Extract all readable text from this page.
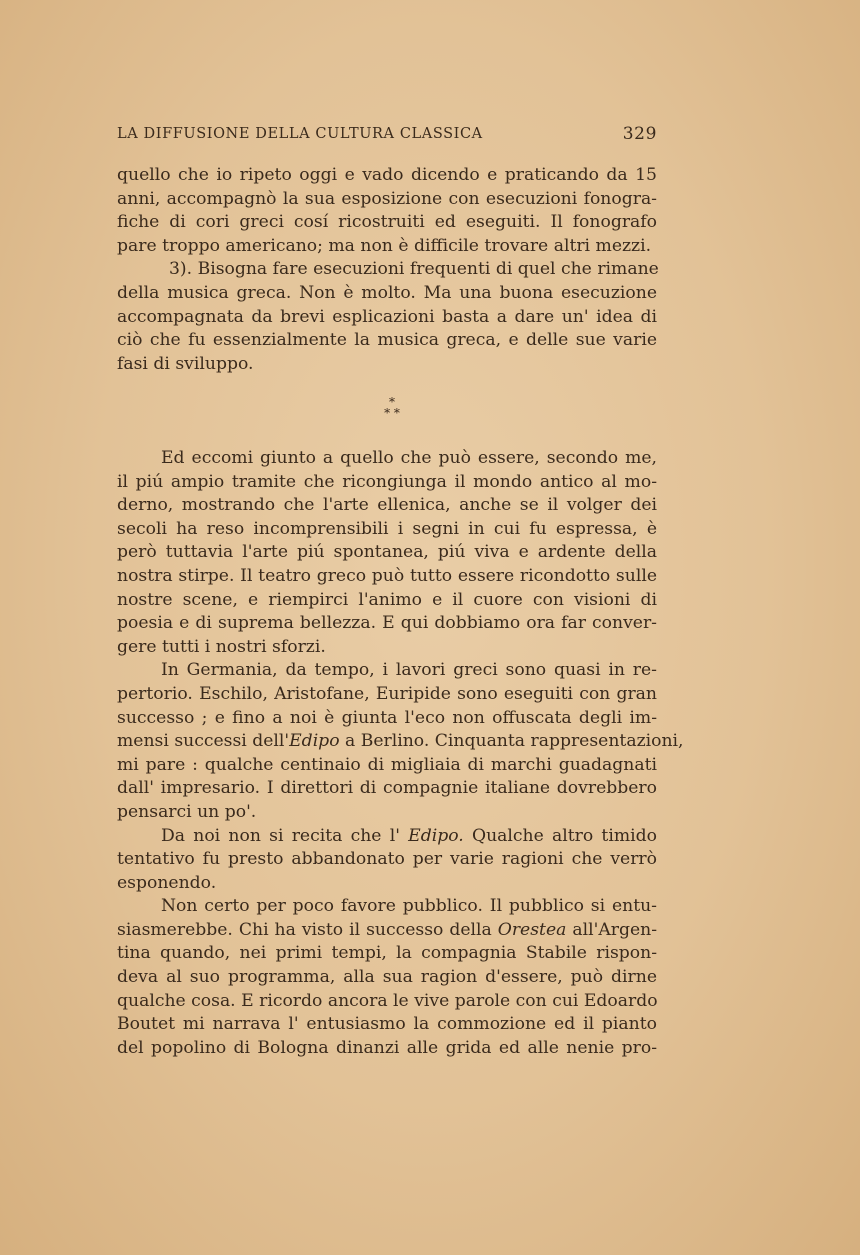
LA DIFFUSIONE DELLA CULTURA CLASSICA	329
quello che io ripeto oggi e vado dicendo e praticando da 15
anni, accompagnò la sua esposizione con esecuzioni fonogra-
fiche di cori greci cosí ricostruiti ed eseguiti. Il fonografo
pare troppo americano; ma non è difficile trovare altri mezzi.
3). Bisogna fare esecuzioni frequenti di quel che rimane
della musica greca. Non è molto. Ma una buona esecuzione
accompagnata da brevi esplicazioni basta a dare un' idea di
ciò che fu essenzialmente la musica greca, e delle sue varie
fasi di sviluppo.
*
* *
Ed eccomi giunto a quello che può essere, secondo me,
il piú ampio tramite che ricongiunga il mondo antico al mo-
derno, mostrando che l'arte ellenica, anche se il volger dei
secoli ha reso incomprensibili i segni in cui fu espressa, è
però tuttavia l'arte piú spontanea, piú viva e ardente della
nostra stirpe. Il teatro greco può tutto essere ricondotto sulle
nostre scene, e riempirci l'animo e il cuore con visioni di
poesia e di suprema bellezza. E qui dobbiamo ora far conver-
gere tutti i nostri sforzi.
In Germania, da tempo, i lavori greci sono quasi in re-
pertorio. Eschilo, Aristofane, Euripide sono eseguiti con gran
successo ; e fino a noi è giunta l'eco non offuscata degli im-
mensi successi dell'Edipo a Berlino. Cinquanta rappresentazioni,
mi pare : qualche centinaio di migliaia di marchi guadagnati
dall' impresario. I direttori di compagnie italiane dovrebbero
pensarci un po'.
Da noi non si recita che l' Edipo. Qualche altro timido
tentativo fu presto abbandonato per varie ragioni che verrò
esponendo.
Non certo per poco favore pubblico. Il pubblico si entu-
siasmerebbe. Chi ha visto il successo della Orestea all'Argen-
tina quando, nei primi tempi, la compagnia Stabile rispon-
deva al suo programma, alla sua ragion d'essere, può dirne
qualche cosa. E ricordo ancora le vive parole con cui Edoardo
Boutet mi narrava l' entusiasmo la commozione ed il pianto
del popolino di Bologna dinanzi alle grida ed alle nenie pro-
